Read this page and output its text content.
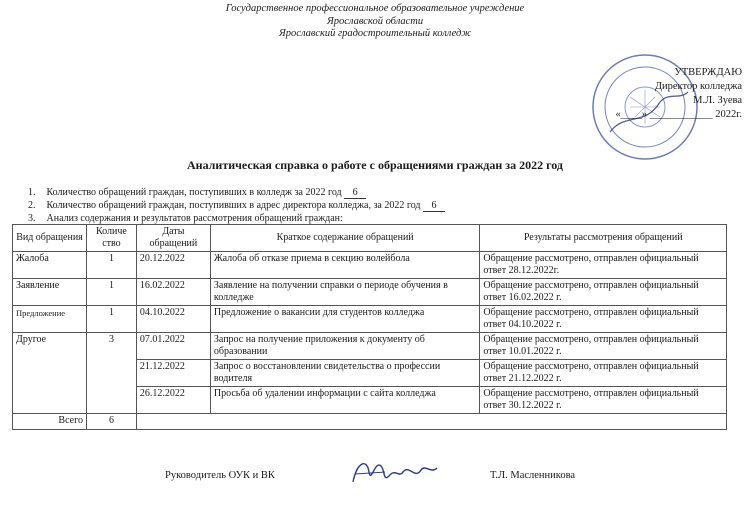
Государственное профессиональное образовательное учреждение
Ярославской области
Ярославский градостроительный колледж
УТВЕРЖДАЮ
Директор колледжа
М.Л. Зуева
«____» ____________ 2022г.
Аналитическая справка о работе с обращениями граждан за 2022 год
1. Количество обращений граждан, поступивших в колледж за 2022 год 6
2. Количество обращений граждан, поступивших в адрес директора колледжа, за 2022 год 6
3. Анализ содержания и результатов рассмотрения обращений граждан:
Вид обращения	Количе ство	Даты обращений	Краткое содержание обращений	Результаты рассмотрения обращений
Жалоба	1	20.12.2022	Жалоба об отказе приема в секцию волейбола	Обращение рассмотрено, отправлен официальный ответ 28.12.2022г.
Заявление	1	16.02.2022	Заявление на получении справки о периоде обучения в колледже	Обращение рассмотрено, отправлен официальный ответ 16.02.2022 г.
Предложение	1	04.10.2022	Предложение о вакансии для студентов колледжа	Обращение рассмотрено, отправлен официальный ответ 04.10.2022 г.
Другое	3	07.01.2022	Запрос на получение приложения к документу об образовании	Обращение рассмотрено, отправлен официальный ответ 10.01.2022 г.
		21.12.2022	Запрос о восстановлении свидетельства о профессии водителя	Обращение рассмотрено, отправлен официальный ответ 21.12.2022 г.
		26.12.2022	Просьба об удалении информации с сайта колледжа	Обращение рассмотрено, отправлен официальный ответ 30.12.2022 г.
Всего	6			
Руководитель ОУК и ВК	Т.Л. Масленникова
